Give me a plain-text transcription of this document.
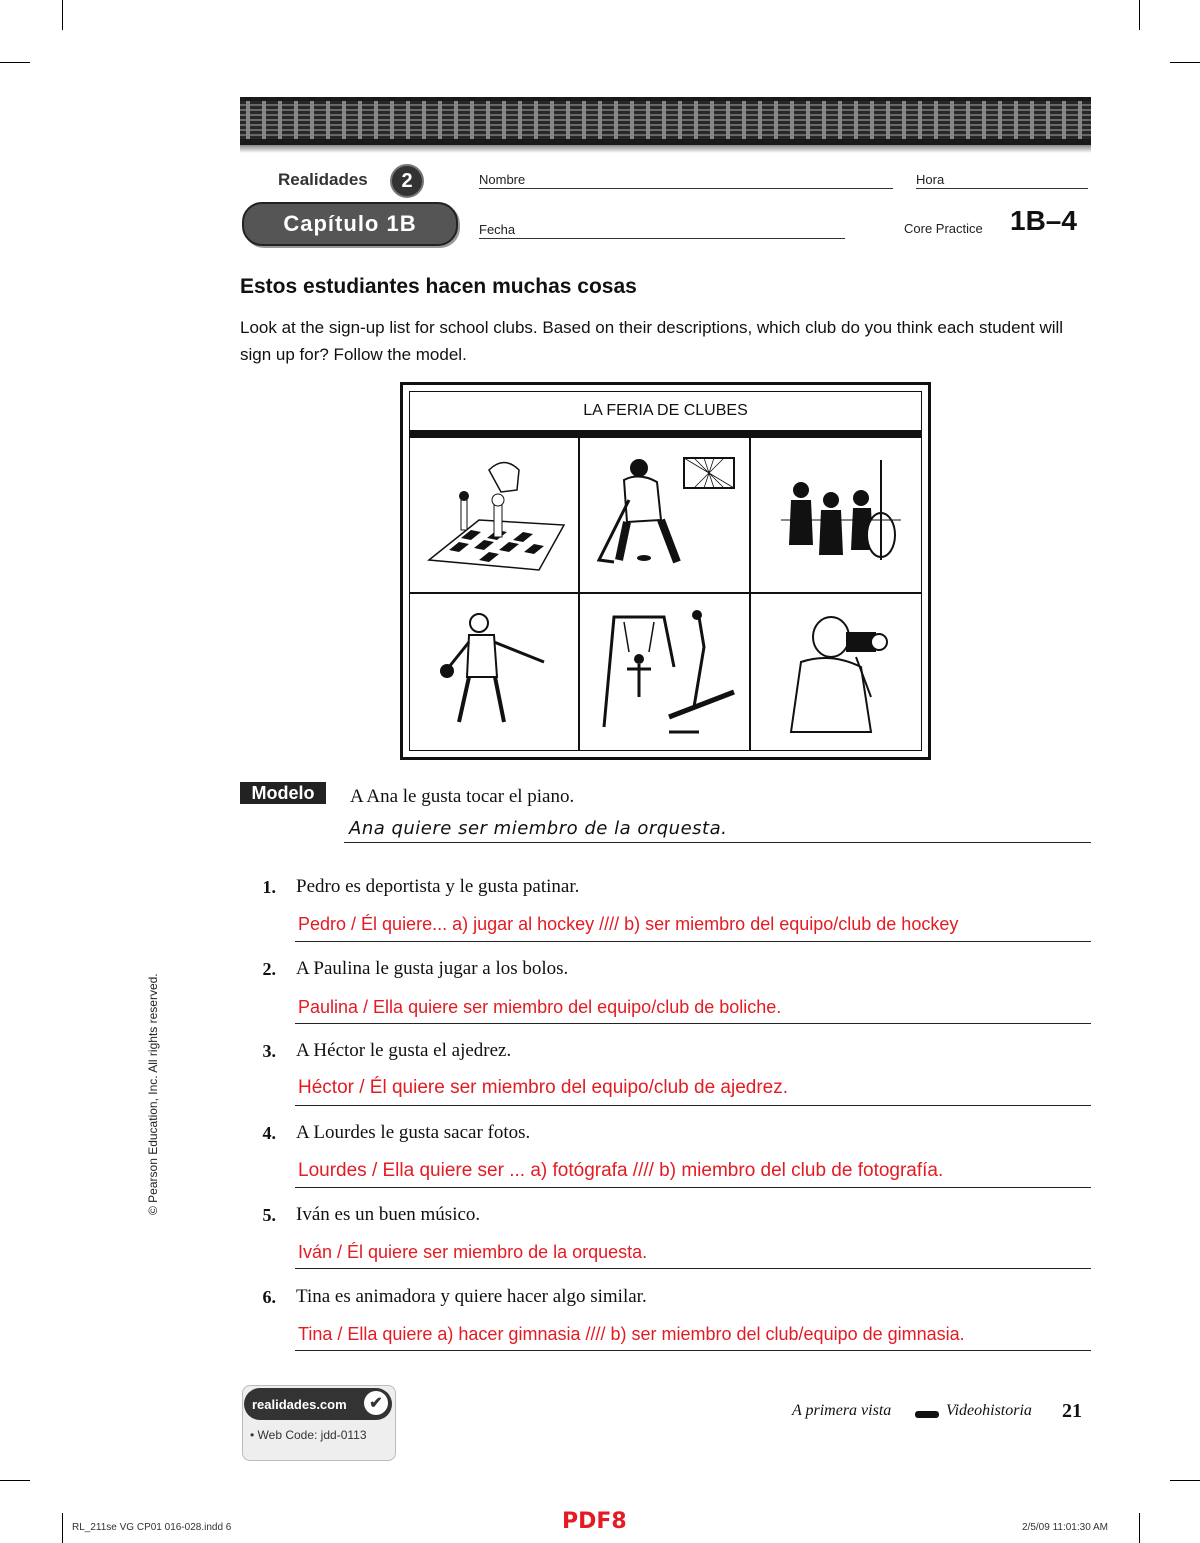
Realidades	2
Capítulo 1B
Nombre	Hora
Fecha	Core Practice 1B–4
Estos estudiantes hacen muchas cosas
Look at the sign-up list for school clubs. Based on their descriptions, which club do you think each student will sign up for? Follow the model.
LA FERIA DE CLUBES
Modelo	A Ana le gusta tocar el piano.
Ana quiere ser miembro de la orquesta.
1. Pedro es deportista y le gusta patinar.
Pedro / Él quiere... a) jugar al hockey //// b) ser miembro del equipo/club de hockey
2. A Paulina le gusta jugar a los bolos.
Paulina / Ella quiere ser miembro del equipo/club de boliche.
3. A Héctor le gusta el ajedrez.
Héctor / Él quiere ser miembro del equipo/club de ajedrez.
4. A Lourdes le gusta sacar fotos.
Lourdes / Ella quiere ser ... a) fotógrafa //// b) miembro del club de fotografía.
5. Iván es un buen músico.
Iván / Él quiere ser miembro de la orquesta.
6. Tina es animadora y quiere hacer algo similar.
Tina / Ella quiere a) hacer gimnasia //// b) ser miembro del club/equipo de gimnasia.
© Pearson Education, Inc. All rights reserved.
realidades.com	✔
• Web Code: jdd-0113
A primera vista	Videohistoria 21
RL_211se VG CP01 016-028.indd 6	PDF8	2/5/09 11:01:30 AM
